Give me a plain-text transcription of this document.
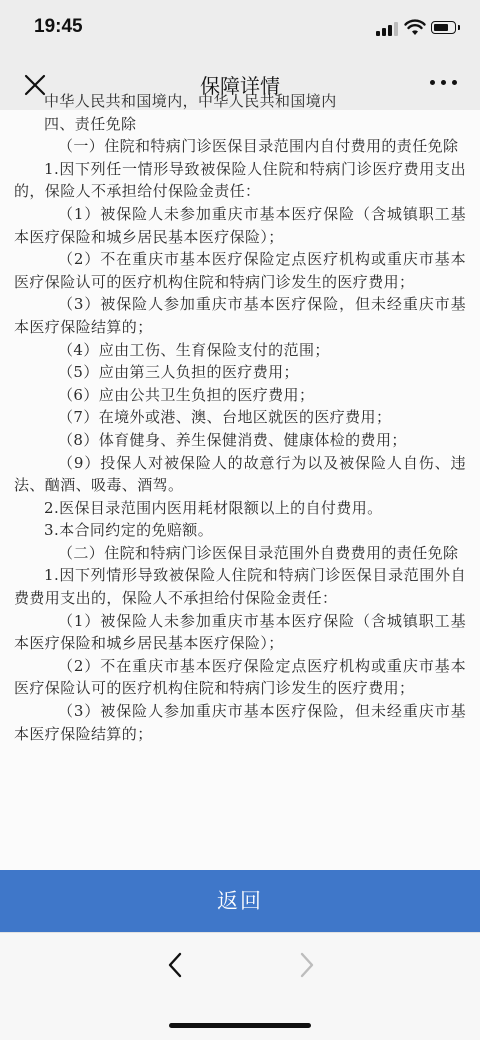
19:45
保障详情

中华人民共和国境内，中华人民共和国境内

四、责任免除

（一）住院和特病门诊医保目录范围内自付费用的责任免除

1.因下列任一情形导致被保险人住院和特病门诊医疗费用支出的，保险人不承担给付保险金责任：

（1）被保险人未参加重庆市基本医疗保险（含城镇职工基本医疗保险和城乡居民基本医疗保险）；

（2）不在重庆市基本医疗保险定点医疗机构或重庆市基本医疗保险认可的医疗机构住院和特病门诊发生的医疗费用；

（3）被保险人参加重庆市基本医疗保险，但未经重庆市基本医疗保险结算的；

（4）应由工伤、生育保险支付的范围；

（5）应由第三人负担的医疗费用；

（6）应由公共卫生负担的医疗费用；

（7）在境外或港、澳、台地区就医的医疗费用；

（8）体育健身、养生保健消费、健康体检的费用；

（9）投保人对被保险人的故意行为以及被保险人自伤、违法、酗酒、吸毒、酒驾。

2.医保目录范围内医用耗材限额以上的自付费用。

3.本合同约定的免赔额。

（二）住院和特病门诊医保目录范围外自费费用的责任免除

1.因下列情形导致被保险人住院和特病门诊医保目录范围外自费费用支出的，保险人不承担给付保险金责任：

（1）被保险人未参加重庆市基本医疗保险（含城镇职工基本医疗保险和城乡居民基本医疗保险）；

（2）不在重庆市基本医疗保险定点医疗机构或重庆市基本医疗保险认可的医疗机构住院和特病门诊发生的医疗费用；

（3）被保险人参加重庆市基本医疗保险，但未经重庆市基本医疗保险结算的；

返回
